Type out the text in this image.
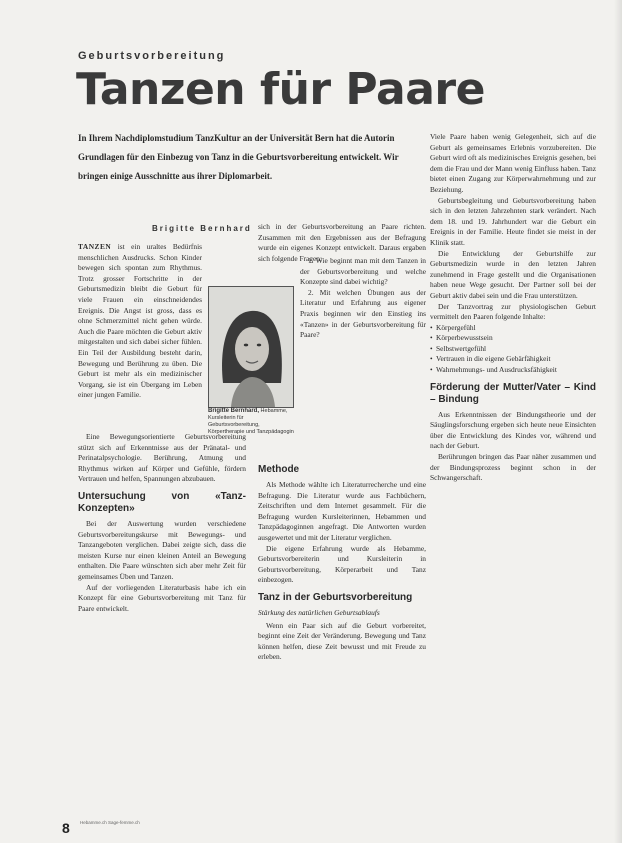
Geburtsvorbereitung
Tanzen für Paare
In Ihrem Nachdiplomstudium TanzKultur an der Universität Bern hat die Autorin Grundlagen für den Einbezug von Tanz in die Geburtsvorbereitung entwickelt. Wir bringen einige Ausschnitte aus ihrer Diplomarbeit.
Brigitte Bernhard

TANZEN ist ein uraltes Bedürfnis menschlichen Ausdrucks. Schon Kinder bewegen sich spontan zum Rhythmus. Trotz grosser Fortschritte in der Geburtsmedizin bleibt die Geburt für viele Frauen ein einschneidendes Ereignis. Die Angst ist gross, dass es ohne Schmerzmittel nicht gehen würde. Auch die Paare möchten die Geburt aktiv mitgestalten und sich dabei sicher fühlen. Ein Teil der Ausbildung besteht darin, Bewegung und Berührung zu üben. Die Geburt ist mehr als ein medizinischer Vorgang, sie ist ein Übergang im Leben einer jungen Familie.

Eine Bewegungsorientierte Geburtsvorbereitung stützt sich auf Erkenntnisse aus der Pränatal- und Perinatalpsychologie. Berührung, Atmung und Rhythmus wirken auf Körper und Gefühle, fördern Vertrauen und helfen, Spannungen abzubauen.

Untersuchung von «Tanz-Konzepten»

Bei der Auswertung wurden verschiedene Geburtsvorbereitungskurse mit Bewegungs- und Tanzangeboten verglichen. Dabei zeigte sich, dass die meisten Kurse nur einen kleinen Anteil an Bewegung enthalten. Die Paare wünschten sich aber mehr Zeit für gemeinsames Üben und Tanzen.

Auf der vorliegenden Literaturbasis habe ich ein Konzept für eine Geburtsvorbereitung mit Tanz für Paare entwickelt.

Brigitte Bernhard, Hebamme, Kursleiterin für Geburtsvorbereitung, Körpertherapie und Tanzpädagogin

sich in der Geburtsvorbereitung an Paare richten. Zusammen mit den Ergebnissen aus der Befragung wurde ein eigenes Konzept entwickelt. Daraus ergaben sich folgende Fragen:

1. Wie beginnt man mit dem Tanzen in der Geburtsvorbereitung und welche Konzepte sind dabei wichtig?

2. Mit welchen Übungen aus der Literatur und Erfahrung aus eigener Praxis beginnen wir den Einstieg ins «Tanzen» in der Geburtsvorbereitung für Paare?

Methode

Als Methode wählte ich Literaturrecherche und eine Befragung. Die Literatur wurde aus Fachbüchern, Zeitschriften und dem Internet gesammelt. Für die Befragung wurden Kursleiterinnen, Hebammen und Tanzpädagoginnen angefragt. Die Antworten wurden ausgewertet und mit der Literatur verglichen.

Die eigene Erfahrung wurde als Hebamme, Geburtsvorbereiterin und Kursleiterin in Geburtsvorbereitung, Körperarbeit und Tanz einbezogen.

Tanz in der Geburtsvorbereitung

Stärkung des natürlichen Geburtsablaufs

Wenn ein Paar sich auf die Geburt vorbereitet, beginnt eine Zeit der Veränderung. Bewegung und Tanz können helfen, diese Zeit bewusst und mit Freude zu erleben.

Viele Paare haben wenig Gelegenheit, sich auf die Geburt als gemeinsames Erlebnis vorzubereiten. Die Geburt wird oft als medizinisches Ereignis gesehen, bei dem die Frau und der Mann wenig Einfluss haben. Tanz bietet einen Zugang zur Körperwahrnehmung und zur Beziehung.

Geburtsbegleitung und Geburtsvorbereitung haben sich in den letzten Jahrzehnten stark verändert. Nach dem 18. und 19. Jahrhundert war die Geburt ein Ereignis in der Familie. Heute findet sie meist in der Klinik statt.

Die Entwicklung der Geburtshilfe zur Geburtsmedizin wurde in den letzten Jahren zunehmend in Frage gestellt und die Organisationen haben neue Wege gesucht. Der Partner soll bei der Geburt aktiv dabei sein und die Frau unterstützen.

Der Tanzvortrag zur physiologischen Geburt vermittelt den Paaren folgende Inhalte:

• Körpergefühl
• Körperbewusstsein
• Selbstwertgefühl
• Vertrauen in die eigene Gebärfähigkeit
• Wahrnehmungs- und Ausdrucksfähigkeit
Förderung der Mutter/Vater – Kind – Bindung

Aus Erkenntnissen der Bindungstheorie und der Säuglingsforschung ergeben sich heute neue Einsichten über die Entwicklung des Kindes vor, während und nach der Geburt.

Berührungen bringen das Paar näher zusammen und der Bindungsprozess beginnt schon in der Schwangerschaft.

8 Hebamme.ch Sage-femme.ch
